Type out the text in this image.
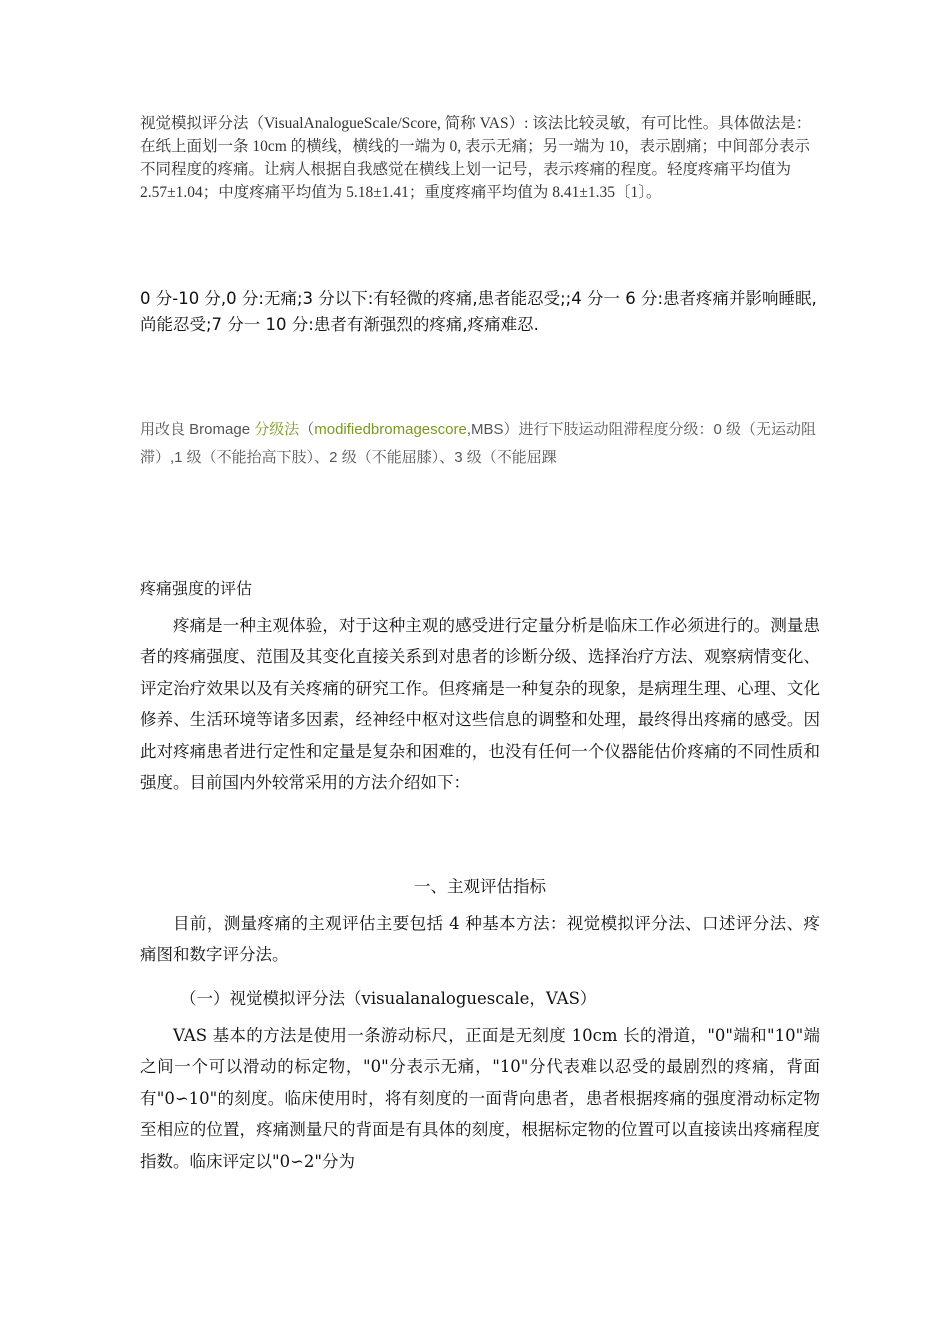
视觉模拟评分法（VisualAnalogueScale/Score, 简称 VAS）: 该法比较灵敏，有可比性。具体做法是：在纸上面划一条 10cm 的横线，横线的一端为 0, 表示无痛；另一端为 10，表示剧痛；中间部分表示不同程度的疼痛。让病人根据自我感觉在横线上划一记号，表示疼痛的程度。轻度疼痛平均值为 2.57±1.04；中度疼痛平均值为 5.18±1.41；重度疼痛平均值为 8.41±1.35〔1〕。

0 分-10 分,0 分:无痛;3 分以下:有轻微的疼痛,患者能忍受;;4 分一 6 分:患者疼痛并影响睡眠,尚能忍受;7 分一 10 分:患者有渐强烈的疼痛,疼痛难忍.

用改良 Bromage 分级法（modifiedbromagescore,MBS）进行下肢运动阻滞程度分级：0 级（无运动阻滞）,1 级（不能抬高下肢）、2 级（不能屈膝）、3 级（不能屈踝

疼痛强度的评估

疼痛是一种主观体验，对于这种主观的感受进行定量分析是临床工作必须进行的。测量患者的疼痛强度、范围及其变化直接关系到对患者的诊断分级、选择治疗方法、观察病情变化、评定治疗效果以及有关疼痛的研究工作。但疼痛是一种复杂的现象，是病理生理、心理、文化修养、生活环境等诸多因素，经神经中枢对这些信息的调整和处理，最终得出疼痛的感受。因此对疼痛患者进行定性和定量是复杂和困难的，也没有任何一个仪器能估价疼痛的不同性质和强度。目前国内外较常采用的方法介绍如下：

一、主观评估指标

目前，测量疼痛的主观评估主要包括 4 种基本方法：视觉模拟评分法、口述评分法、疼痛图和数字评分法。

（一）视觉模拟评分法（visualanaloguescale，VAS）

VAS 基本的方法是使用一条游动标尺，正面是无刻度 10cm 长的滑道，"0"端和"10"端之间一个可以滑动的标定物，"0"分表示无痛，"10"分代表难以忍受的最剧烈的疼痛，背面有"0∽10"的刻度。临床使用时，将有刻度的一面背向患者，患者根据疼痛的强度滑动标定物至相应的位置，疼痛测量尺的背面是有具体的刻度，根据标定物的位置可以直接读出疼痛程度指数。临床评定以"0∽2"分为
